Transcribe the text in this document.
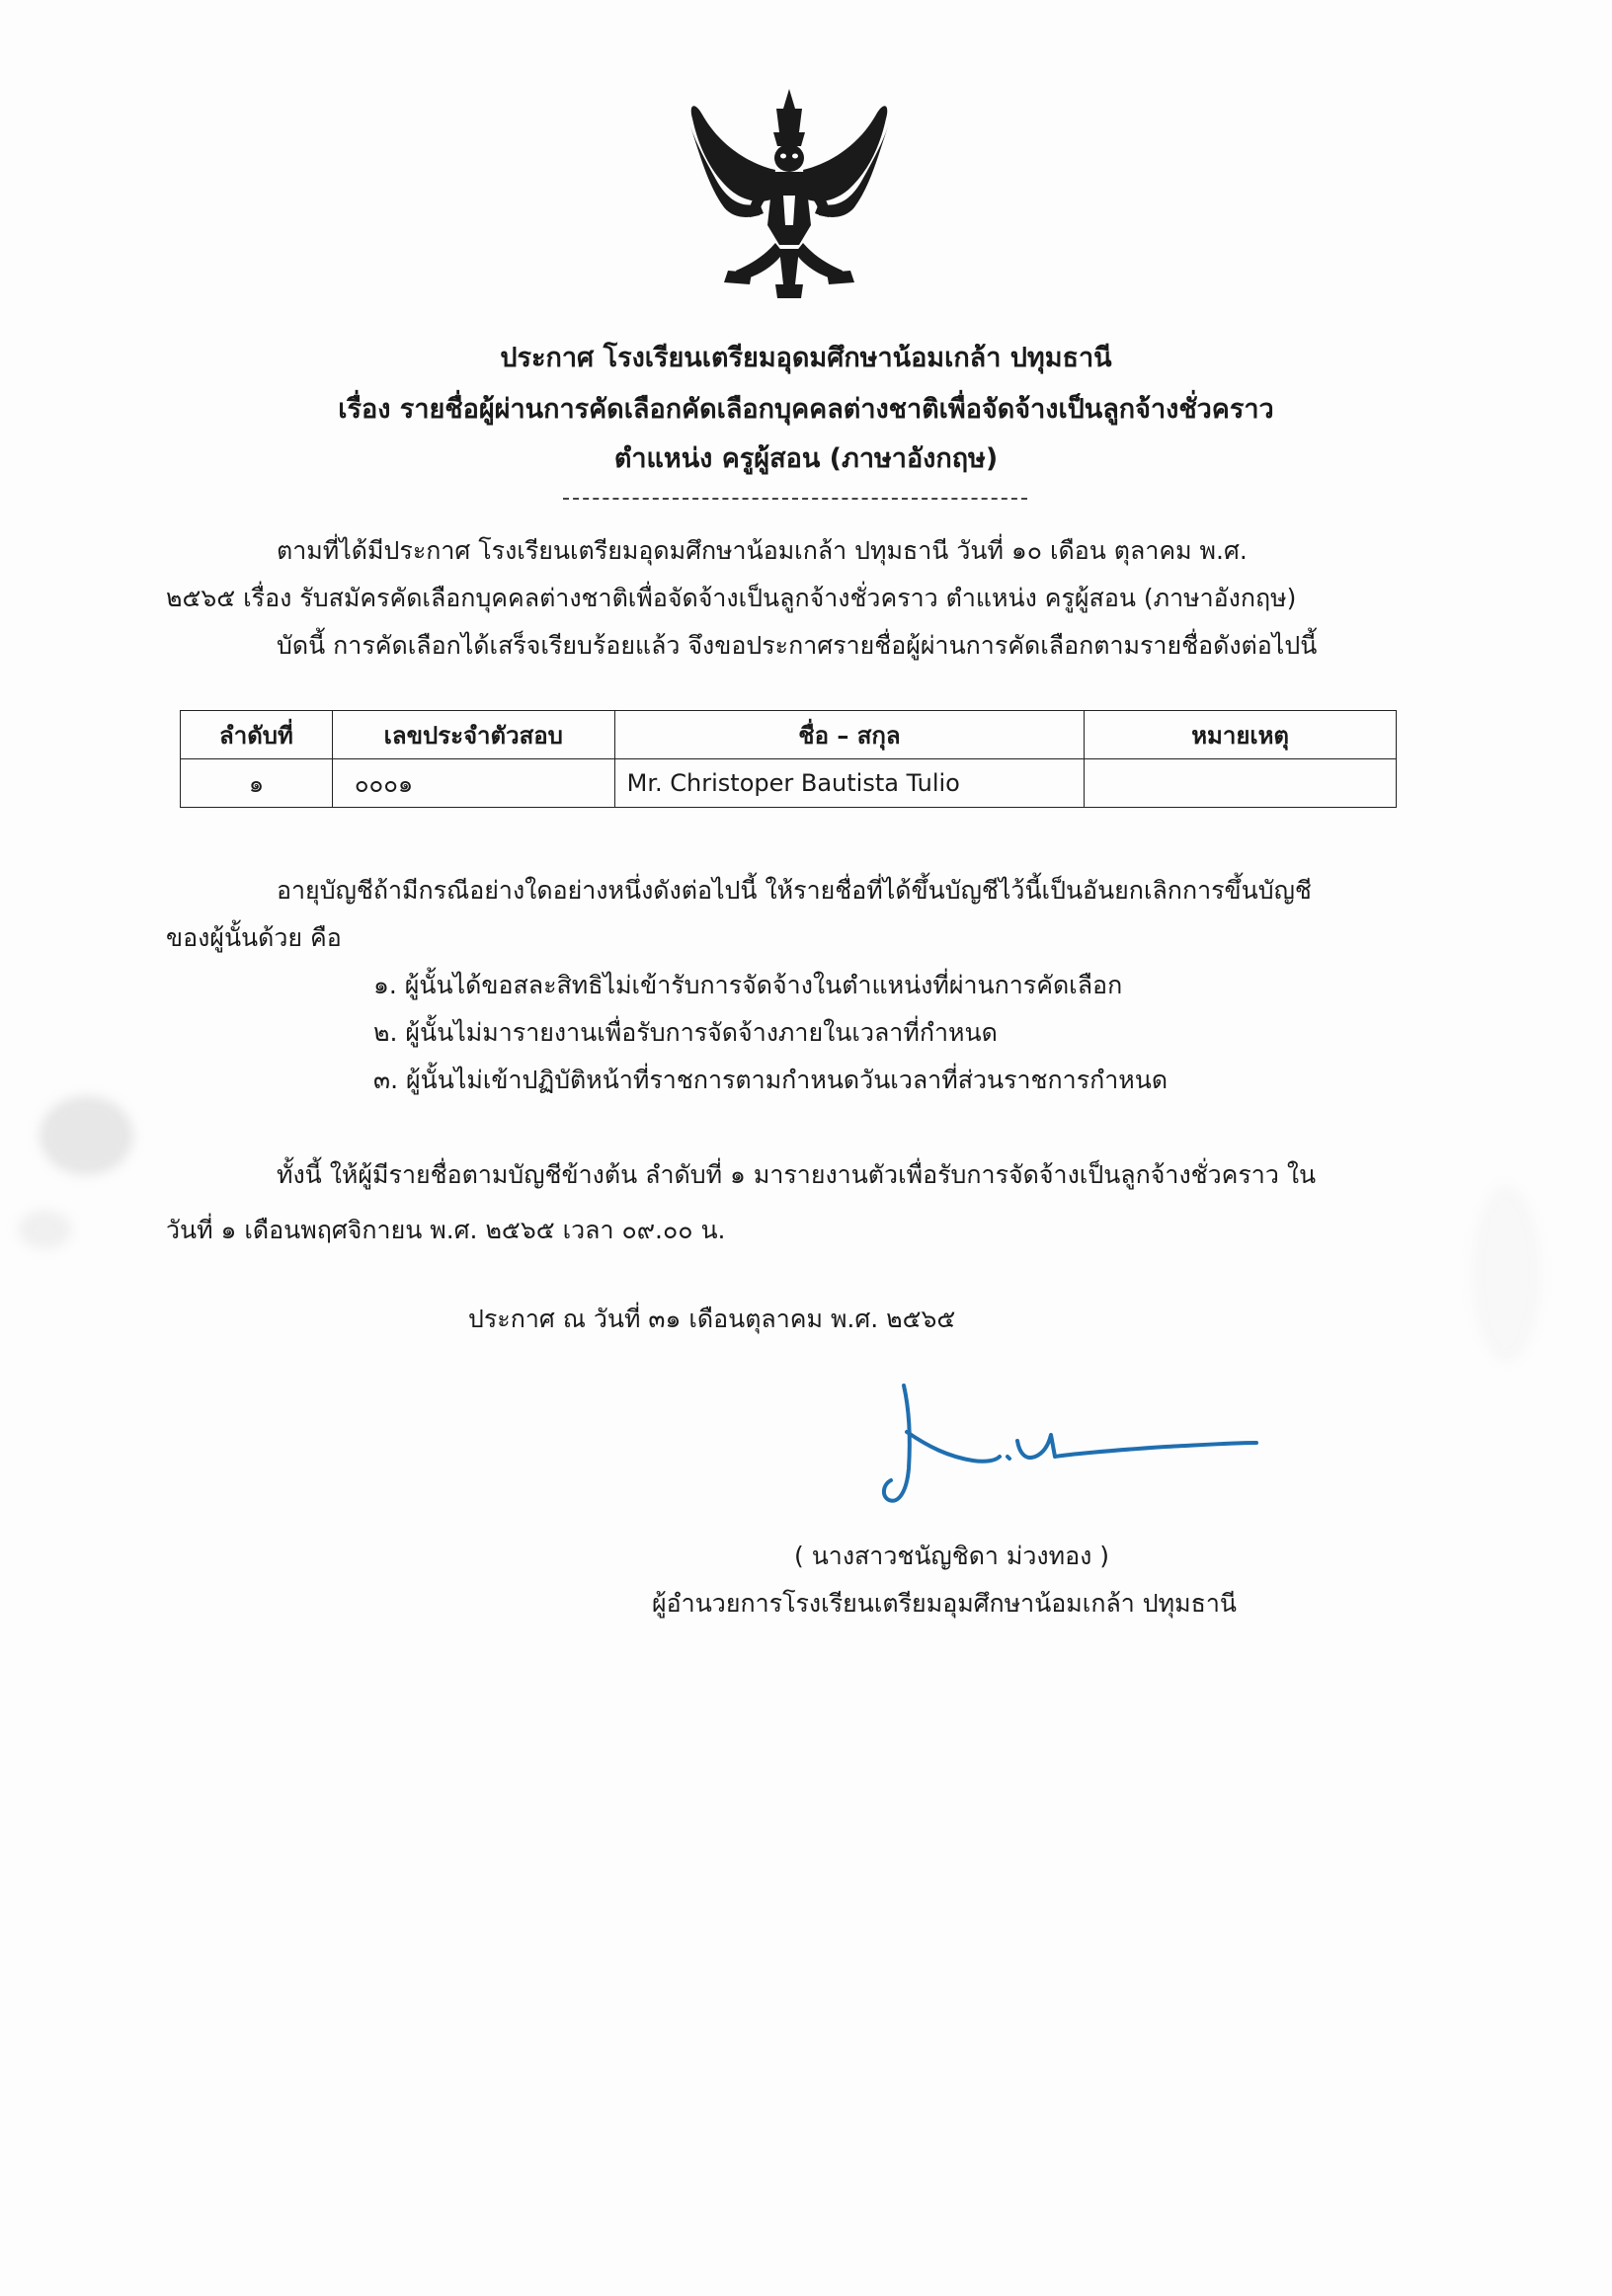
ประกาศ โรงเรียนเตรียมอุดมศึกษาน้อมเกล้า ปทุมธานี
เรื่อง รายชื่อผู้ผ่านการคัดเลือกคัดเลือกบุคคลต่างชาติเพื่อจัดจ้างเป็นลูกจ้างชั่วคราว
ตำแหน่ง ครูผู้สอน (ภาษาอังกฤษ)
ตามที่ได้มีประกาศ โรงเรียนเตรียมอุดมศึกษาน้อมเกล้า ปทุมธานี วันที่ ๑๐ เดือน ตุลาคม พ.ศ.
๒๕๖๕ เรื่อง รับสมัครคัดเลือกบุคคลต่างชาติเพื่อจัดจ้างเป็นลูกจ้างชั่วคราว ตำแหน่ง ครูผู้สอน (ภาษาอังกฤษ)
บัดนี้ การคัดเลือกได้เสร็จเรียบร้อยแล้ว จึงขอประกาศรายชื่อผู้ผ่านการคัดเลือกตามรายชื่อดังต่อไปนี้
ลำดับที่	เลขประจำตัวสอบ	ชื่อ – สกุล	หมายเหตุ
๑	๐๐๐๑	Mr. Christoper Bautista Tulio	
อายุบัญชีถ้ามีกรณีอย่างใดอย่างหนึ่งดังต่อไปนี้ ให้รายชื่อที่ได้ขึ้นบัญชีไว้นี้เป็นอันยกเลิกการขึ้นบัญชี
ของผู้นั้นด้วย คือ
๑. ผู้นั้นได้ขอสละสิทธิไม่เข้ารับการจัดจ้างในตำแหน่งที่ผ่านการคัดเลือก
๒. ผู้นั้นไม่มารายงานเพื่อรับการจัดจ้างภายในเวลาที่กำหนด
๓. ผู้นั้นไม่เข้าปฏิบัติหน้าที่ราชการตามกำหนดวันเวลาที่ส่วนราชการกำหนด
ทั้งนี้ ให้ผู้มีรายชื่อตามบัญชีข้างต้น ลำดับที่ ๑ มารายงานตัวเพื่อรับการจัดจ้างเป็นลูกจ้างชั่วคราว ใน
วันที่ ๑ เดือนพฤศจิกายน พ.ศ. ๒๕๖๕ เวลา ๐๙.๐๐ น.
ประกาศ ณ วันที่ ๓๑ เดือนตุลาคม พ.ศ. ๒๕๖๕
( นางสาวชนัญชิดา ม่วงทอง )
ผู้อำนวยการโรงเรียนเตรียมอุมศึกษาน้อมเกล้า ปทุมธานี
